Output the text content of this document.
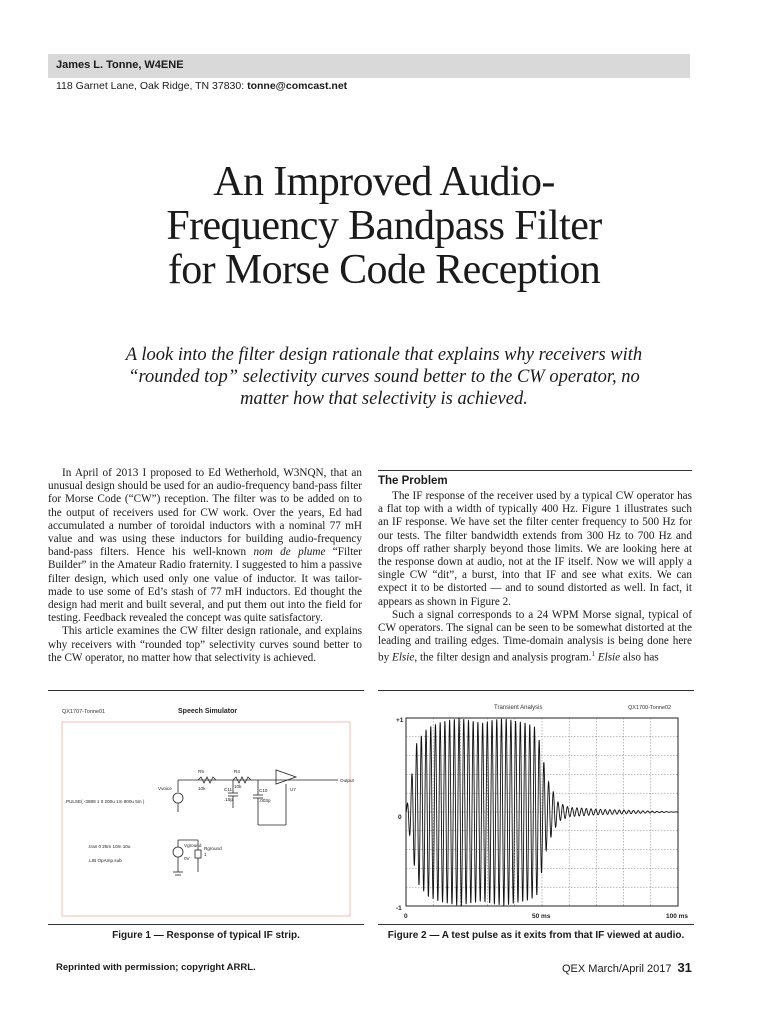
James L. Tonne, W4ENE
118 Garnet Lane, Oak Ridge, TN 37830: tonne@comcast.net
An Improved Audio-
Frequency Bandpass Filter
for Morse Code Reception
A look into the filter design rationale that explains why receivers with
“rounded top” selectivity curves sound better to the CW operator, no
matter how that selectivity is achieved.

In April of 2013 I proposed to Ed Wetherhold, W3NQN, that an unusual design should be used for an audio-frequency band-pass filter for Morse Code (“CW”) reception. The filter was to be added on to the output of receivers used for CW work. Over the years, Ed had accumulated a number of toroidal inductors with a nominal 77 mH value and was using these inductors for building audio-frequency band-pass filters. Hence his well-known nom de plume “Filter Builder” in the Amateur Radio fraternity. I suggested to him a passive filter design, which used only one value of inductor. It was tailor-made to use some of Ed’s stash of 77 mH inductors. Ed thought the design had merit and built several, and put them out into the field for testing. Feedback revealed the concept was quite satisfactory.

This article examines the CW filter design rationale, and explains why receivers with “rounded top” selectivity curves sound better to the CW operator, no matter how that selectivity is achieved.

The Problem

The IF response of the receiver used by a typical CW operator has a flat top with a width of typically 400 Hz. Figure 1 illustrates such an IF response. We have set the filter center frequency to 500 Hz for our tests. The filter bandwidth extends from 300 Hz to 700 Hz and drops off rather sharply beyond those limits. We are looking here at the response down at audio, not at the IF itself. Now we will apply a single CW “dit”, a burst, into that IF and see what exits. We can expect it to be distorted — and to sound distorted as well. In fact, it appears as shown in Figure 2.

Such a signal corresponds to a 24 WPM Morse signal, typical of CW operators. The signal can be seen to be somewhat distorted at the leading and trailing edges. Time-domain analysis is being done here by Elsie, the filter design and analysis program.$^1$ Elsie also has

QX1707-Tonne01	Speech Simulator
R5
10k
R4
10k
C11
.15p
C10
.003p
U7
Output
Vvoice
PULSE( -3888 1 0 200u 1m 800u 5m )
Vground
Rground
1
0V
.tran 0 25m 10m 10u
.LIB OpAmp.sub
Figure 1 — Response of typical IF strip.
Transient Analysis	QX1700-Tonne02
+1
0
-1
0	50 ms	100 ms
Figure 2 — A test pulse as it exits from that IF viewed at audio.
Reprinted with permission; copyright ARRL.	QEX March/April 2017 31
